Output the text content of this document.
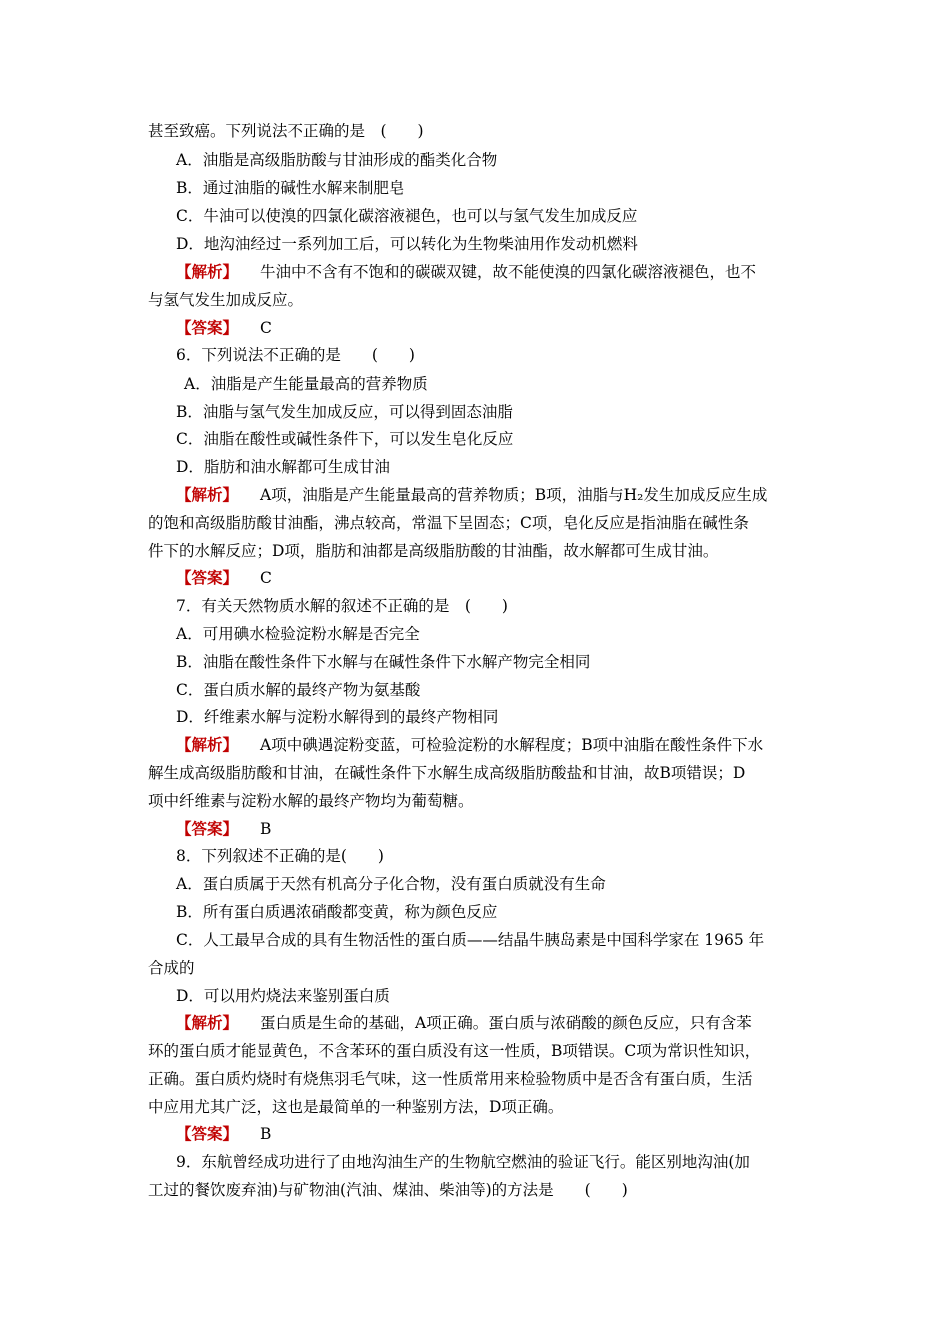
甚至致癌。下列说法不正确的是　(　　)
A．油脂是高级脂肪酸与甘油形成的酯类化合物
B．通过油脂的碱性水解来制肥皂
C．牛油可以使溴的四氯化碳溶液褪色，也可以与氢气发生加成反应
D．地沟油经过一系列加工后，可以转化为生物柴油用作发动机燃料
【解析】 牛油中不含有不饱和的碳碳双键，故不能使溴的四氯化碳溶液褪色，也不
与氢气发生加成反应。
【答案】 C
6．下列说法不正确的是　　(　　)
A．油脂是产生能量最高的营养物质
B．油脂与氢气发生加成反应，可以得到固态油脂
C．油脂在酸性或碱性条件下，可以发生皂化反应
D．脂肪和油水解都可生成甘油
【解析】 A项，油脂是产生能量最高的营养物质；B项，油脂与H₂发生加成反应生成
的饱和高级脂肪酸甘油酯，沸点较高，常温下呈固态；C项，皂化反应是指油脂在碱性条
件下的水解反应；D项，脂肪和油都是高级脂肪酸的甘油酯，故水解都可生成甘油。
【答案】 C
7．有关天然物质水解的叙述不正确的是　(　　)
A．可用碘水检验淀粉水解是否完全
B．油脂在酸性条件下水解与在碱性条件下水解产物完全相同
C．蛋白质水解的最终产物为氨基酸
D．纤维素水解与淀粉水解得到的最终产物相同
【解析】 A项中碘遇淀粉变蓝，可检验淀粉的水解程度；B项中油脂在酸性条件下水
解生成高级脂肪酸和甘油，在碱性条件下水解生成高级脂肪酸盐和甘油，故B项错误；D
项中纤维素与淀粉水解的最终产物均为葡萄糖。
【答案】 B
8．下列叙述不正确的是(　　)
A．蛋白质属于天然有机高分子化合物，没有蛋白质就没有生命
B．所有蛋白质遇浓硝酸都变黄，称为颜色反应
C．人工最早合成的具有生物活性的蛋白质——结晶牛胰岛素是中国科学家在 1965 年
合成的
D．可以用灼烧法来鉴别蛋白质
【解析】 蛋白质是生命的基础，A项正确。蛋白质与浓硝酸的颜色反应，只有含苯
环的蛋白质才能显黄色，不含苯环的蛋白质没有这一性质，B项错误。C项为常识性知识，
正确。蛋白质灼烧时有烧焦羽毛气味，这一性质常用来检验物质中是否含有蛋白质，生活
中应用尤其广泛，这也是最简单的一种鉴别方法，D项正确。
【答案】 B
9．东航曾经成功进行了由地沟油生产的生物航空燃油的验证飞行。能区别地沟油(加
工过的餐饮废弃油)与矿物油(汽油、煤油、柴油等)的方法是　　(　　)
